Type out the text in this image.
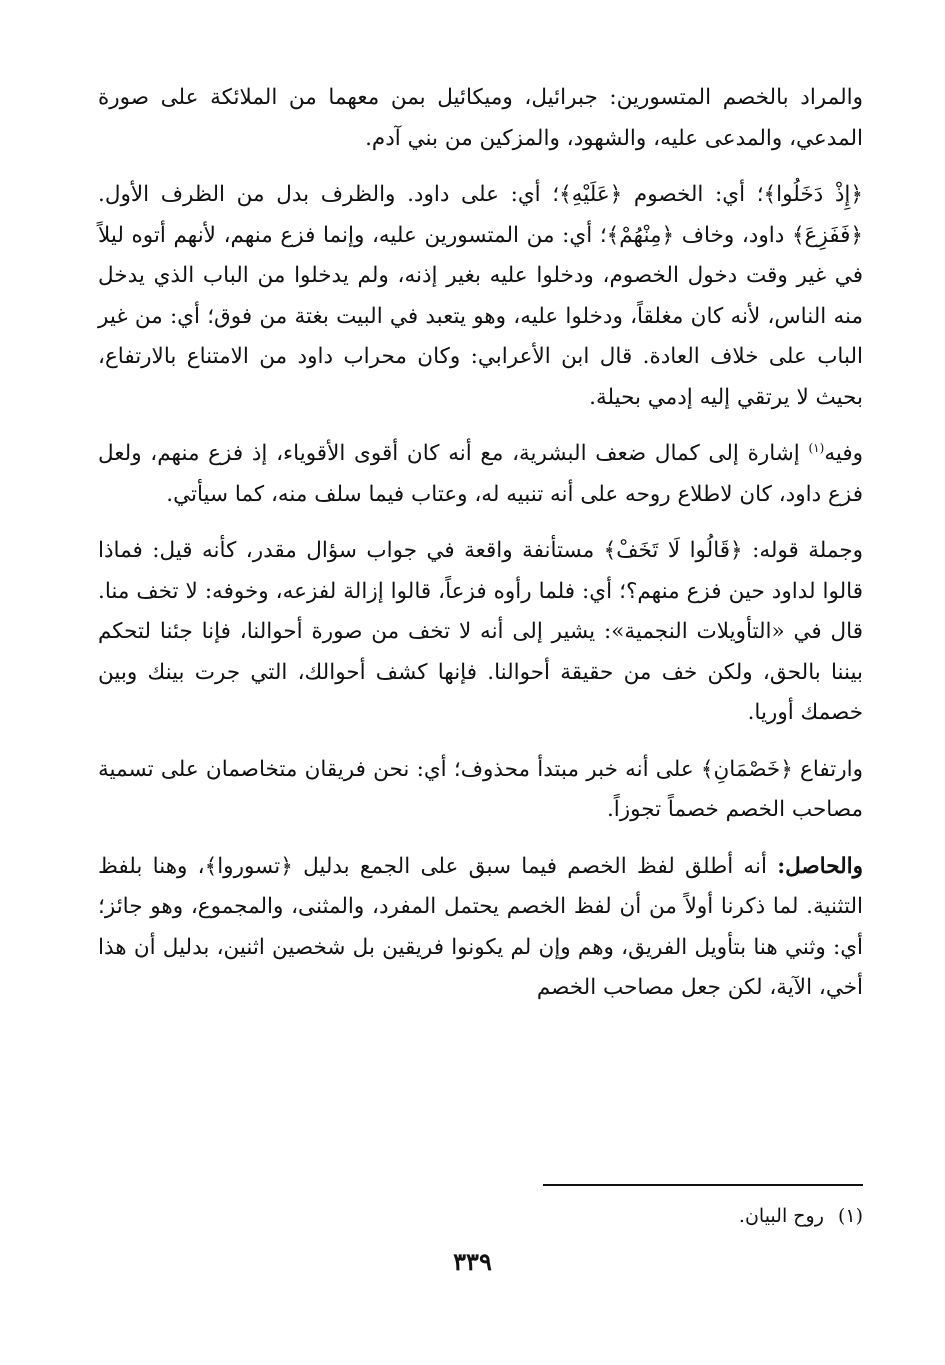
والمراد بالخصم المتسورين: جبرائيل، وميكائيل بمن معهما من الملائكة على صورة المدعي، والمدعى عليه، والشهود، والمزكين من بني آدم.

﴿إِذْ دَخَلُوا﴾؛ أي: الخصوم ﴿عَلَيْهِ﴾؛ أي: على داود. والظرف بدل من الظرف الأول. ﴿فَفَزِعَ﴾ داود، وخاف ﴿مِنْهُمْ﴾؛ أي: من المتسورين عليه، وإنما فزع منهم، لأنهم أتوه ليلاً في غير وقت دخول الخصوم، ودخلوا عليه بغير إذنه، ولم يدخلوا من الباب الذي يدخل منه الناس، لأنه كان مغلقاً، ودخلوا عليه، وهو يتعبد في البيت بغتة من فوق؛ أي: من غير الباب على خلاف العادة. قال ابن الأعرابي: وكان محراب داود من الامتناع بالارتفاع، بحيث لا يرتقي إليه إدمي بحيلة.

وفيه$^{(١)}$ إشارة إلى كمال ضعف البشرية، مع أنه كان أقوى الأقوياء، إذ فزع منهم، ولعل فزع داود، كان لاطلاع روحه على أنه تنبيه له، وعتاب فيما سلف منه، كما سيأتي.

وجملة قوله: ﴿قَالُوا لَا تَخَفْ﴾ مستأنفة واقعة في جواب سؤال مقدر، كأنه قيل: فماذا قالوا لداود حين فزع منهم؟؛ أي: فلما رأوه فزعاً، قالوا إزالة لفزعه، وخوفه: لا تخف منا. قال في «التأويلات النجمية»: يشير إلى أنه لا تخف من صورة أحوالنا، فإنا جئنا لتحكم بيننا بالحق، ولكن خف من حقيقة أحوالنا. فإنها كشف أحوالك، التي جرت بينك وبين خصمك أوريا.

وارتفاع ﴿خَصْمَانِ﴾ على أنه خبر مبتدأ محذوف؛ أي: نحن فريقان متخاصمان على تسمية مصاحب الخصم خصماً تجوزاً.

والحاصل: أنه أطلق لفظ الخصم فيما سبق على الجمع بدليل ﴿تسوروا﴾، وهنا بلفظ التثنية. لما ذكرنا أولاً من أن لفظ الخصم يحتمل المفرد، والمثنى، والمجموع، وهو جائز؛ أي: وثني هنا بتأويل الفريق، وهم وإن لم يكونوا فريقين بل شخصين اثنين، بدليل أن هذا أخي، الآية، لكن جعل مصاحب الخصم

(١) روح البيان.
٣٣٩
